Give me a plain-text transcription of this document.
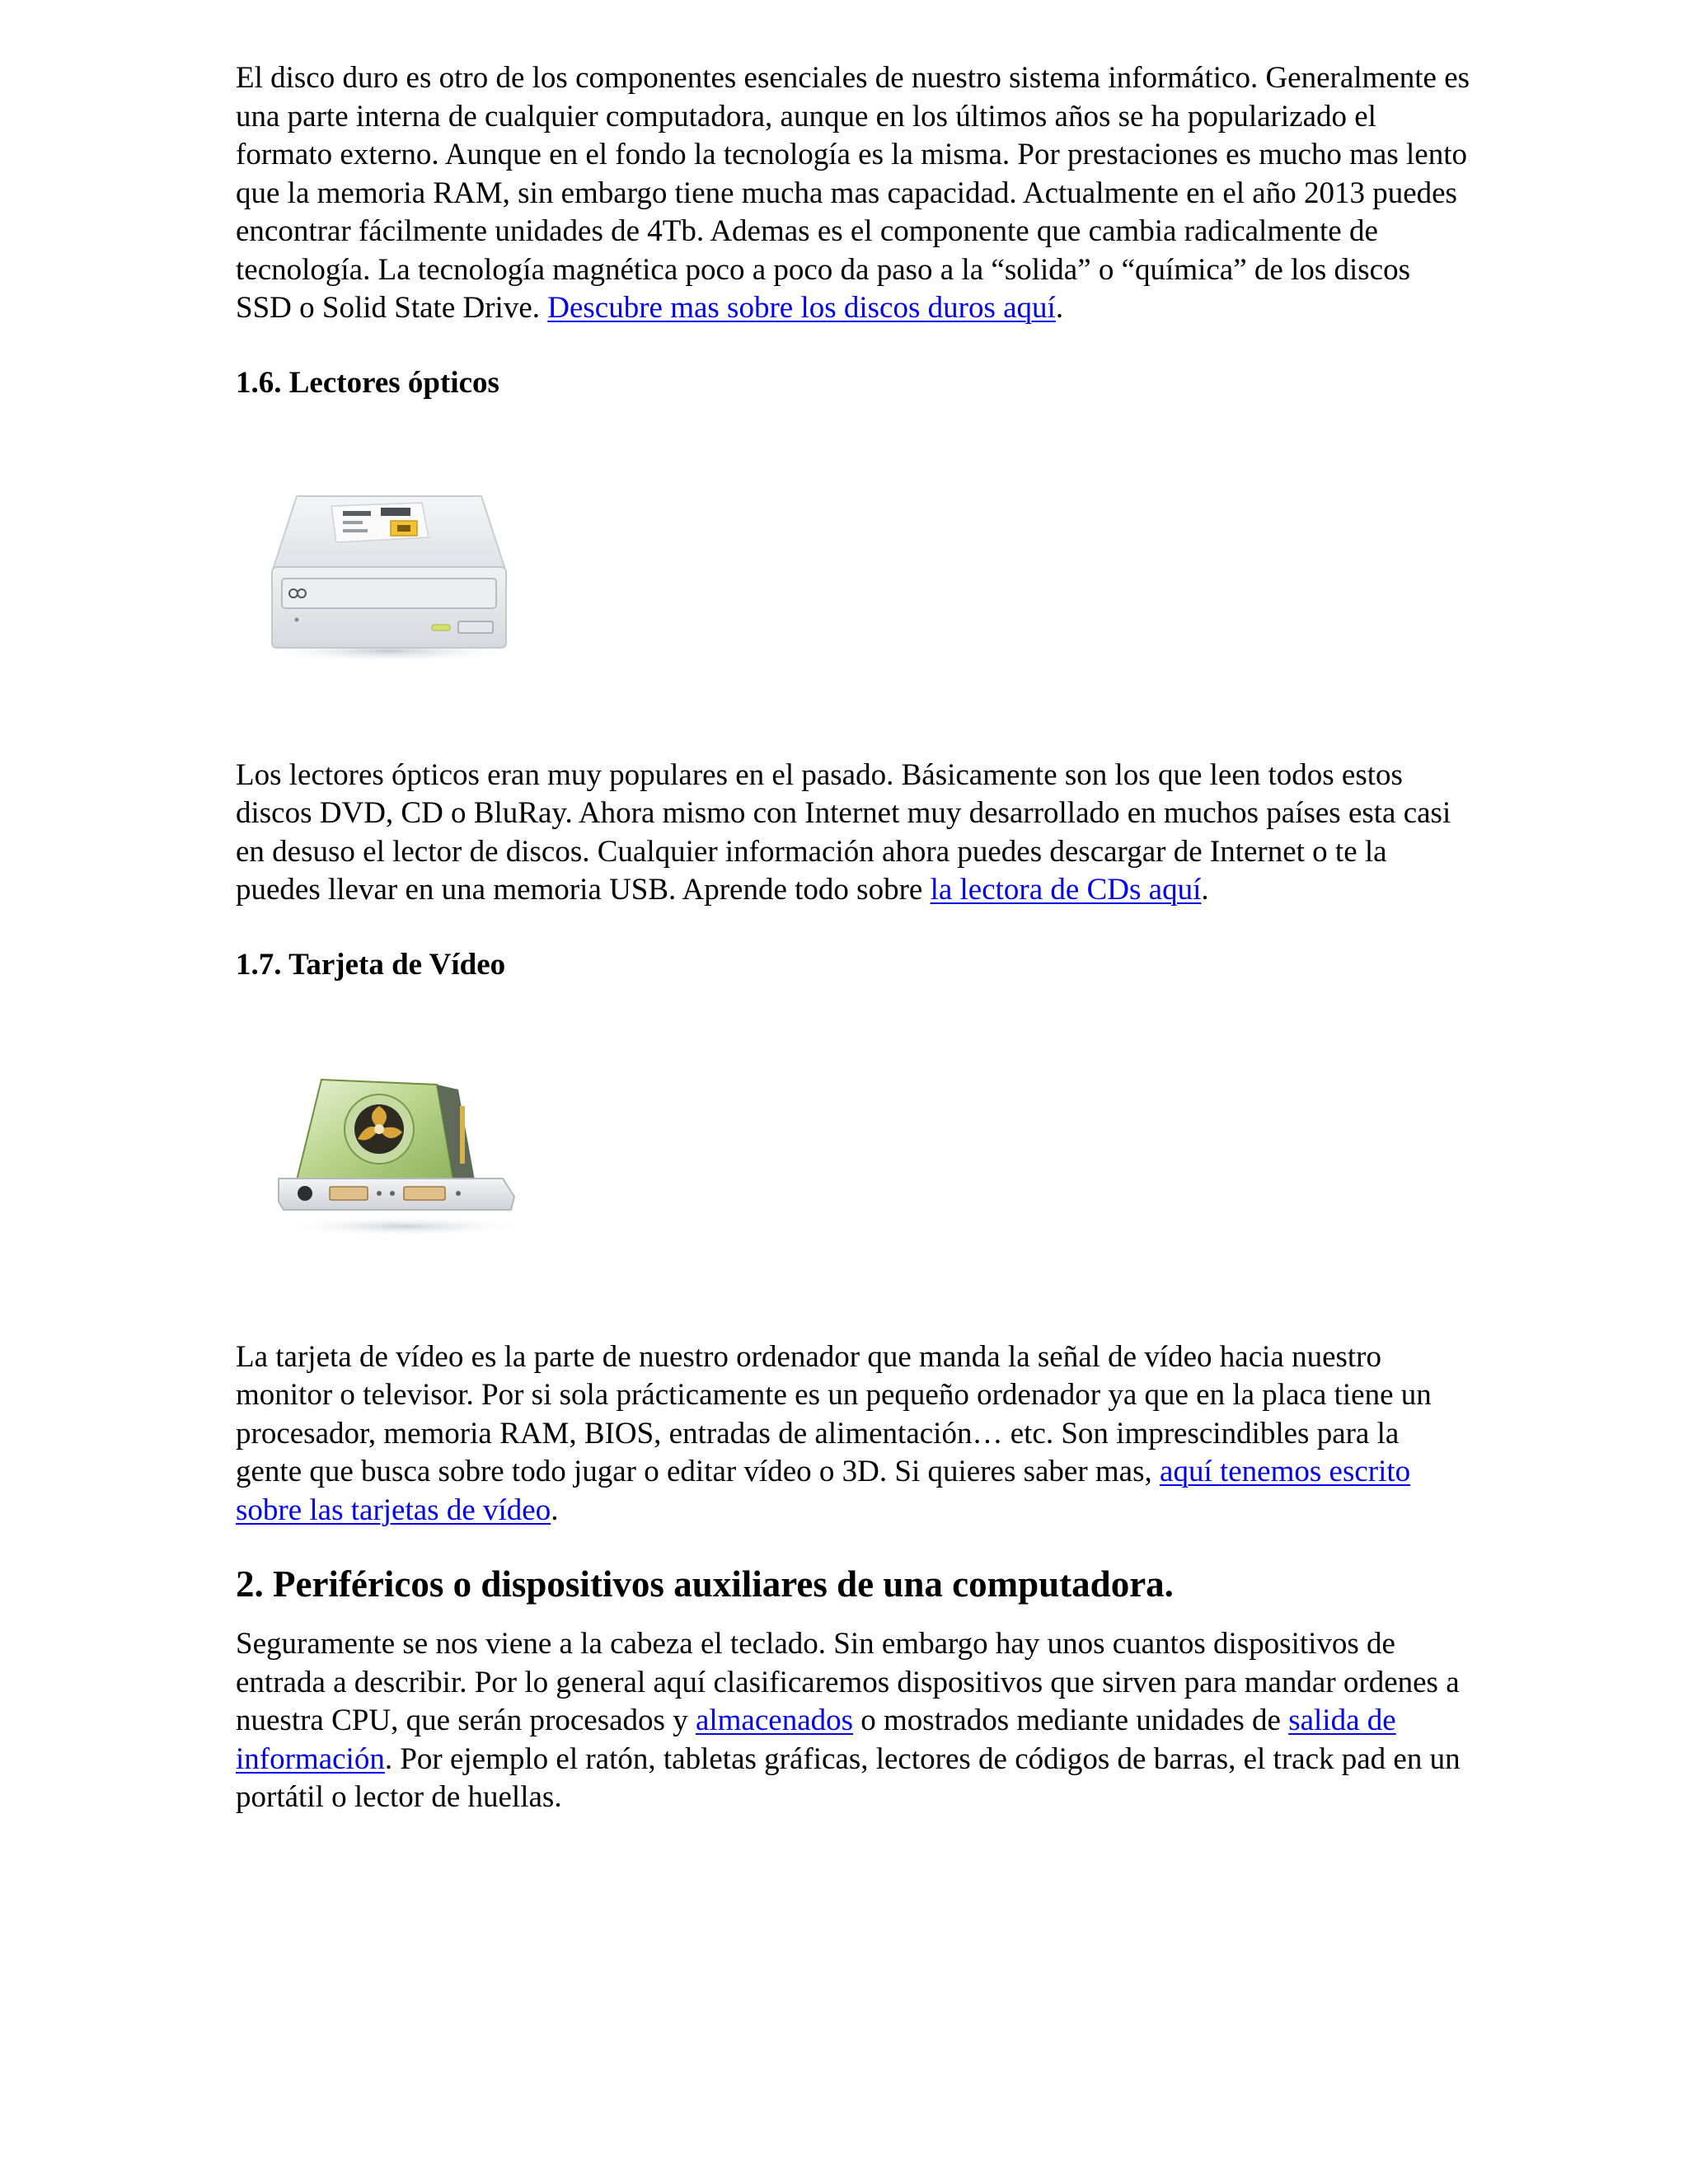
El disco duro es otro de los componentes esenciales de nuestro sistema informático. Generalmente es una parte interna de cualquier computadora, aunque en los últimos años se ha popularizado el formato externo. Aunque en el fondo la tecnología es la misma. Por prestaciones es mucho mas lento que la memoria RAM, sin embargo tiene mucha mas capacidad. Actualmente en el año 2013 puedes encontrar fácilmente unidades de 4Tb. Ademas es el componente que cambia radicalmente de tecnología. La tecnología magnética poco a poco da paso a la “solida” o “química” de los discos SSD o Solid State Drive. Descubre mas sobre los discos duros aquí.

1.6. Lectores ópticos

Los lectores ópticos eran muy populares en el pasado. Básicamente son los que leen todos estos discos DVD, CD o BluRay. Ahora mismo con Internet muy desarrollado en muchos países esta casi en desuso el lector de discos. Cualquier información ahora puedes descargar de Internet o te la puedes llevar en una memoria USB. Aprende todo sobre la lectora de CDs aquí.

1.7. Tarjeta de Vídeo

La tarjeta de vídeo es la parte de nuestro ordenador que manda la señal de vídeo hacia nuestro monitor o televisor. Por si sola prácticamente es un pequeño ordenador ya que en la placa tiene un procesador, memoria RAM, BIOS, entradas de alimentación… etc. Son imprescindibles para la gente que busca sobre todo jugar o editar vídeo o 3D. Si quieres saber mas, aquí tenemos escrito sobre las tarjetas de vídeo.

2. Periféricos o dispositivos auxiliares de una computadora.

Seguramente se nos viene a la cabeza el teclado. Sin embargo hay unos cuantos dispositivos de entrada a describir. Por lo general aquí clasificaremos dispositivos que sirven para mandar ordenes a nuestra CPU, que serán procesados y almacenados o mostrados mediante unidades de salida de información. Por ejemplo el ratón, tabletas gráficas, lectores de códigos de barras, el track pad en un portátil o lector de huellas.
